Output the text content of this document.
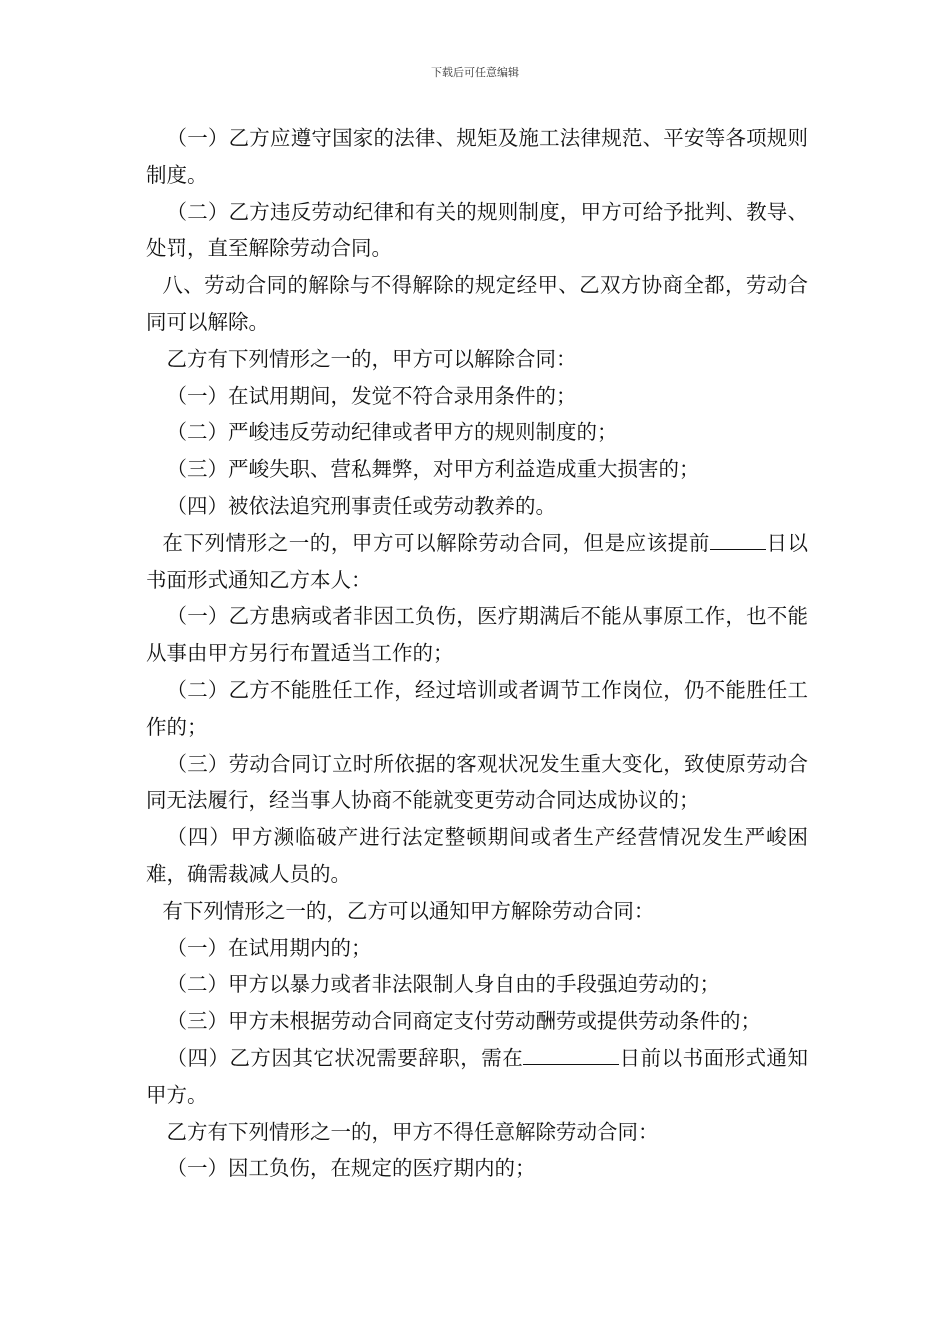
下载后可任意编辑

（一）乙方应遵守国家的法律、规矩及施工法律规范、平安等各项规则制度。

（二）乙方违反劳动纪律和有关的规则制度，甲方可给予批判、教导、处罚，直至解除劳动合同。

八、劳动合同的解除与不得解除的规定经甲、乙双方协商全都，劳动合同可以解除。

乙方有下列情形之一的，甲方可以解除合同：

（一）在试用期间，发觉不符合录用条件的；

（二）严峻违反劳动纪律或者甲方的规则制度的；

（三）严峻失职、营私舞弊，对甲方利益造成重大损害的；

（四）被依法追究刑事责任或劳动教养的。

在下列情形之一的，甲方可以解除劳动合同，但是应该提前	日以书面形式通知乙方本人：

（一）乙方患病或者非因工负伤，医疗期满后不能从事原工作，也不能从事由甲方另行布置适当工作的；

（二）乙方不能胜任工作，经过培训或者调节工作岗位，仍不能胜任工作的；

（三）劳动合同订立时所依据的客观状况发生重大变化，致使原劳动合同无法履行，经当事人协商不能就变更劳动合同达成协议的；

（四）甲方濒临破产进行法定整顿期间或者生产经营情况发生严峻困难，确需裁减人员的。

有下列情形之一的，乙方可以通知甲方解除劳动合同：

（一）在试用期内的；

（二）甲方以暴力或者非法限制人身自由的手段强迫劳动的；

（三）甲方未根据劳动合同商定支付劳动酬劳或提供劳动条件的；

（四）乙方因其它状况需要辞职，需在	日前以书面形式通知甲方。

乙方有下列情形之一的，甲方不得任意解除劳动合同：

（一）因工负伤，在规定的医疗期内的；
